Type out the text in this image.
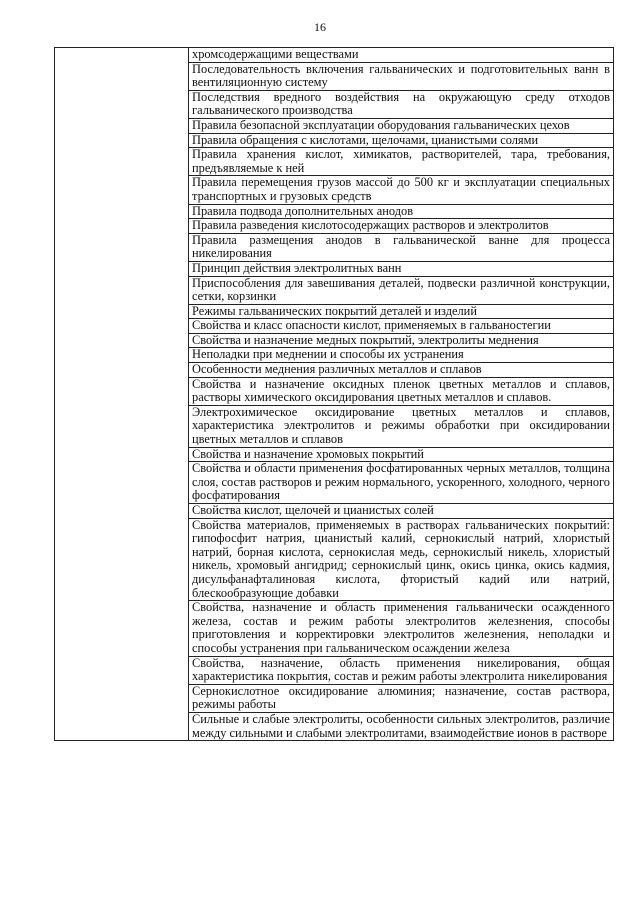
16
	хромсодержащими веществами
Последовательность включения гальванических и подготовительных ванн в вентиляционную систему
Последствия вредного воздействия на окружающую среду отходов гальванического производства
Правила безопасной эксплуатации оборудования гальванических цехов
Правила обращения с кислотами, щелочами, цианистыми солями
Правила хранения кислот, химикатов, растворителей, тара, требования, предъявляемые к ней
Правила перемещения грузов массой до 500 кг и эксплуатации специальных транспортных и грузовых средств
Правила подвода дополнительных анодов
Правила разведения кислотосодержащих растворов и электролитов
Правила размещения анодов в гальванической ванне для процесса никелирования
Принцип действия электролитных ванн
Приспособления для завешивания деталей, подвески различной конструкции, сетки, корзинки
Режимы гальванических покрытий деталей и изделий
Свойства и класс опасности кислот, применяемых в гальваностегии
Свойства и назначение медных покрытий, электролиты меднения
Неполадки при меднении и способы их устранения
Особенности меднения различных металлов и сплавов
Свойства и назначение оксидных пленок цветных металлов и сплавов, растворы химического оксидирования цветных металлов и сплавов.
Электрохимическое оксидирование цветных металлов и сплавов, характеристика электролитов и режимы обработки при оксидировании цветных металлов и сплавов
Свойства и назначение хромовых покрытий
Свойства и области применения фосфатированных черных металлов, толщина слоя, состав растворов и режим нормального, ускоренного, холодного, черного фосфатирования
Свойства кислот, щелочей и цианистых солей
Свойства материалов, применяемых в растворах гальванических покрытий: гипофосфит натрия, цианистый калий, сернокислый натрий, хлористый натрий, борная кислота, сернокислая медь, сернокислый никель, хлористый никель, хромовый ангидрид; сернокислый цинк, окись цинка, окись кадмия, дисульфанафталиновая кислота, фтористый кадий или натрий, блескообразующие добавки
Свойства, назначение и область применения гальванически осажденного железа, состав и режим работы электролитов железнения, способы приготовления и корректировки электролитов железнения, неполадки и способы устранения при гальваническом осаждении железа
Свойства, назначение, область применения никелирования, общая характеристика покрытия, состав и режим работы электролита никелирования
Сернокислотное оксидирование алюминия; назначение, состав раствора, режимы работы
Сильные и слабые электролиты, особенности сильных электролитов, различие между сильными и слабыми электролитами, взаимодействие ионов в растворе
